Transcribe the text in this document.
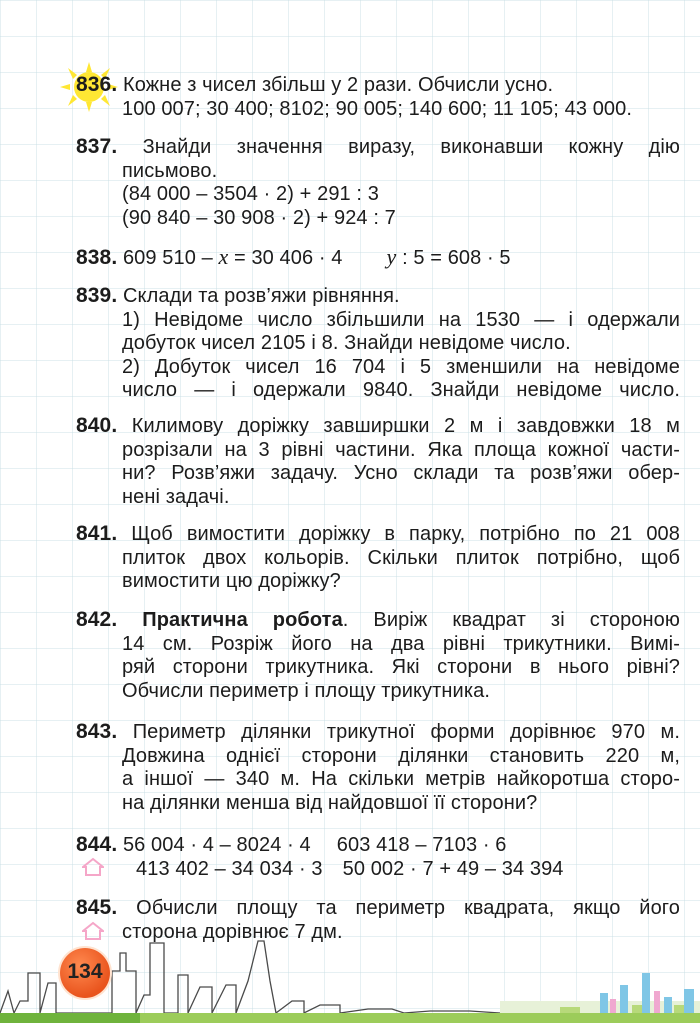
836. Кожне з чисел збільш у 2 рази. Обчисли усно.
100 007; 30 400; 8102; 90 005; 140 600; 11 105; 43 000.
837. Знайди значення виразу, виконавши кожну дію
письмово.
(84 000 – 3504 · 2) + 291 : 3
(90 840 – 30 908 · 2) + 924 : 7
838. 609 510 – x = 30 406 · 4 y : 5 = 608 · 5
839. Склади та розв’яжи рівняння.
1) Невідоме число збільшили на 1530 — і одержали
добуток чисел 2105 і 8. Знайди невідоме число.
2) Добуток чисел 16 704 і 5 зменшили на невідоме
число — і одержали 9840. Знайди невідоме число.
840. Килимову доріжку завширшки 2 м і завдовжки 18 м
розрізали на 3 рівні частини. Яка площа кожної части-
ни? Розв’яжи задачу. Усно склади та розв’яжи обер-
нені задачі.
841. Щоб вимостити доріжку в парку, потрібно по 21 008
плиток двох кольорів. Скільки плиток потрібно, щоб
вимостити цю доріжку?
842. Практична робота. Виріж квадрат зі стороною
14 см. Розріж його на два рівні трикутники. Вимі-
ряй сторони трикутника. Які сторони в нього рівні?
Обчисли периметр і площу трикутника.
843. Периметр ділянки трикутної форми дорівнює 970 м.
Довжина однієї сторони ділянки становить 220 м,
а іншої — 340 м. На скільки метрів найкоротша сторо-
на ділянки менша від найдовшої її сторони?
844. 56 004 · 4 – 8024 · 4 603 418 – 7103 · 6
413 402 – 34 034 · 3 50 002 · 7 + 49 – 34 394
845. Обчисли площу та периметр квадрата, якщо його
сторона дорівнює 7 дм.
134
